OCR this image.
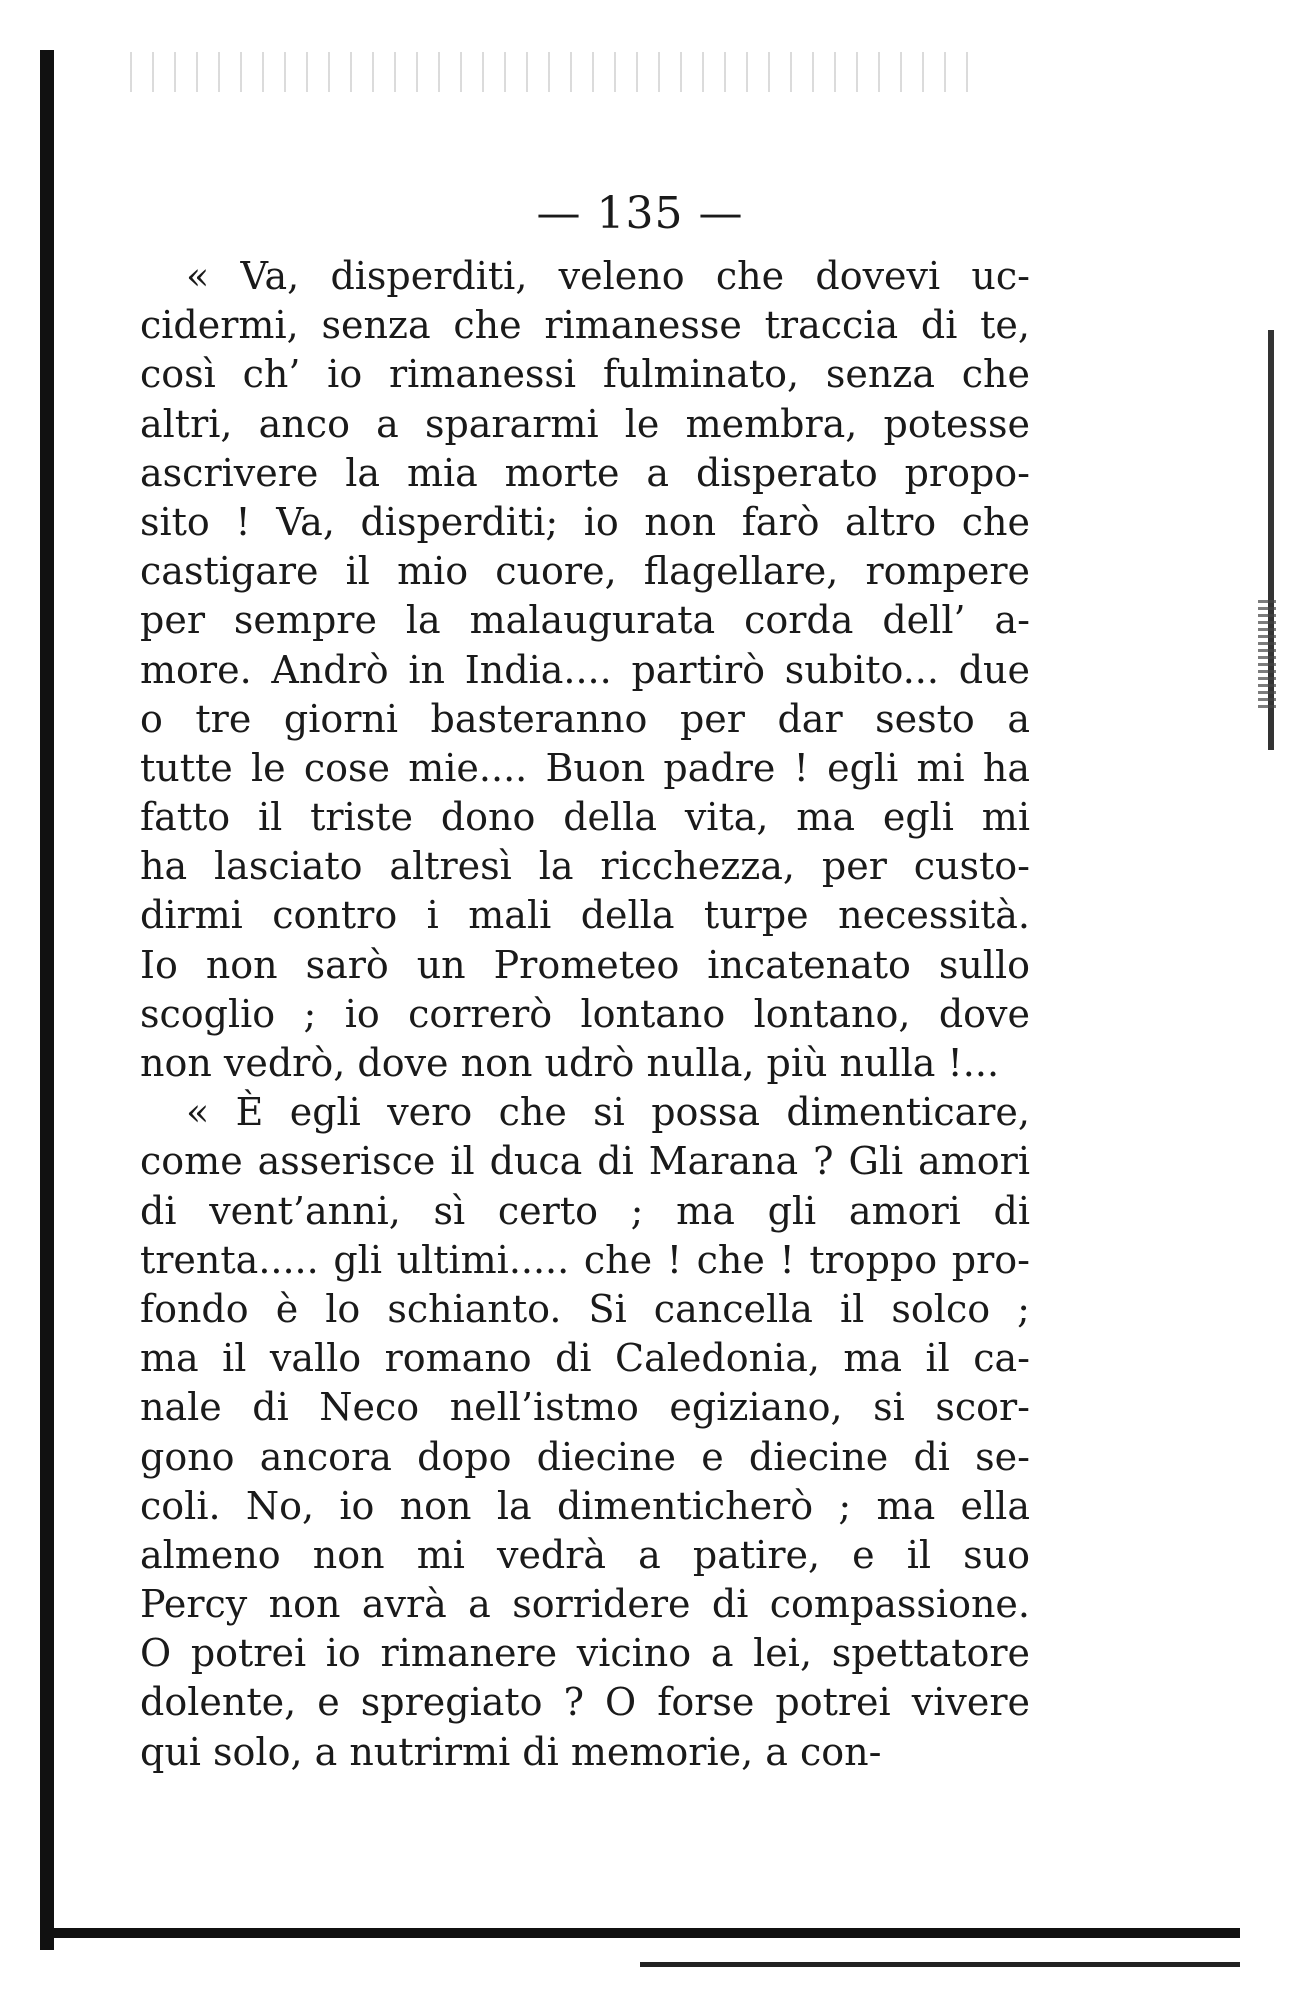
— 135 —
« Va, disperditi, veleno che dovevi uc-
cidermi, senza che rimanesse traccia di te,
così ch’ io rimanessi fulminato, senza che
altri, anco a spararmi le membra, potesse
ascrivere la mia morte a disperato propo-
sito ! Va, disperditi; io non farò altro che
castigare il mio cuore, flagellare, rompere
per sempre la malaugurata corda dell’ a-
more. Andrò in India.... partirò subito... due
o tre giorni basteranno per dar sesto a
tutte le cose mie.... Buon padre ! egli mi ha
fatto il triste dono della vita, ma egli mi
ha lasciato altresì la ricchezza, per custo-
dirmi contro i mali della turpe necessità.
Io non sarò un Prometeo incatenato sullo
scoglio ; io correrò lontano lontano, dove
non vedrò, dove non udrò nulla, più nulla !...
« È egli vero che si possa dimenticare,
come asserisce il duca di Marana ? Gli amori
di vent’anni, sì certo ; ma gli amori di
trenta..... gli ultimi..... che ! che ! troppo pro-
fondo è lo schianto. Si cancella il solco ;
ma il vallo romano di Caledonia, ma il ca-
nale di Neco nell’istmo egiziano, si scor-
gono ancora dopo diecine e diecine di se-
coli. No, io non la dimenticherò ; ma ella
almeno non mi vedrà a patire, e il suo
Percy non avrà a sorridere di compassione.
O potrei io rimanere vicino a lei, spettatore
dolente, e spregiato ? O forse potrei vivere
qui solo, a nutrirmi di memorie, a con-
